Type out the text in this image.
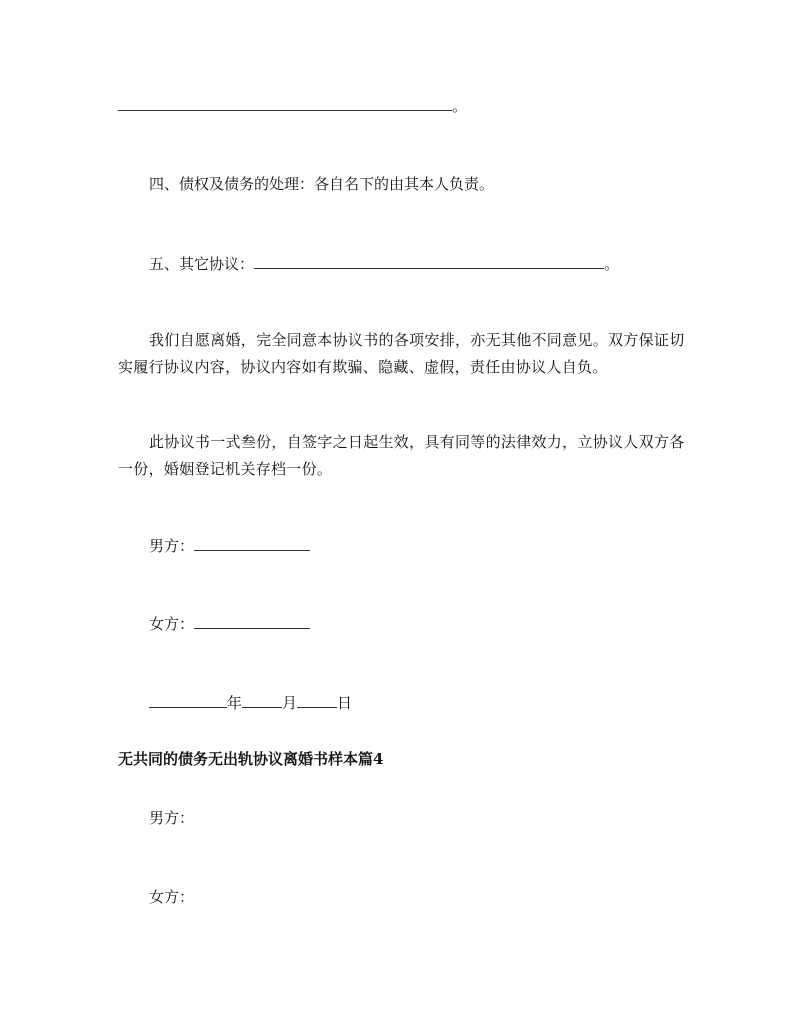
。
四、债权及债务的处理：各自名下的由其本人负责。
五、其它协议：	。
我们自愿离婚，完全同意本协议书的各项安排，亦无其他不同意见。双方保证切实履行协议内容，协议内容如有欺骗、隐藏、虚假，责任由协议人自负。
此协议书一式叁份，自签字之日起生效，具有同等的法律效力，立协议人双方各一份，婚姻登记机关存档一份。
男方：
女方：
年	月	日
无共同的债务无出轨协议离婚书样本篇4
男方：
女方：
